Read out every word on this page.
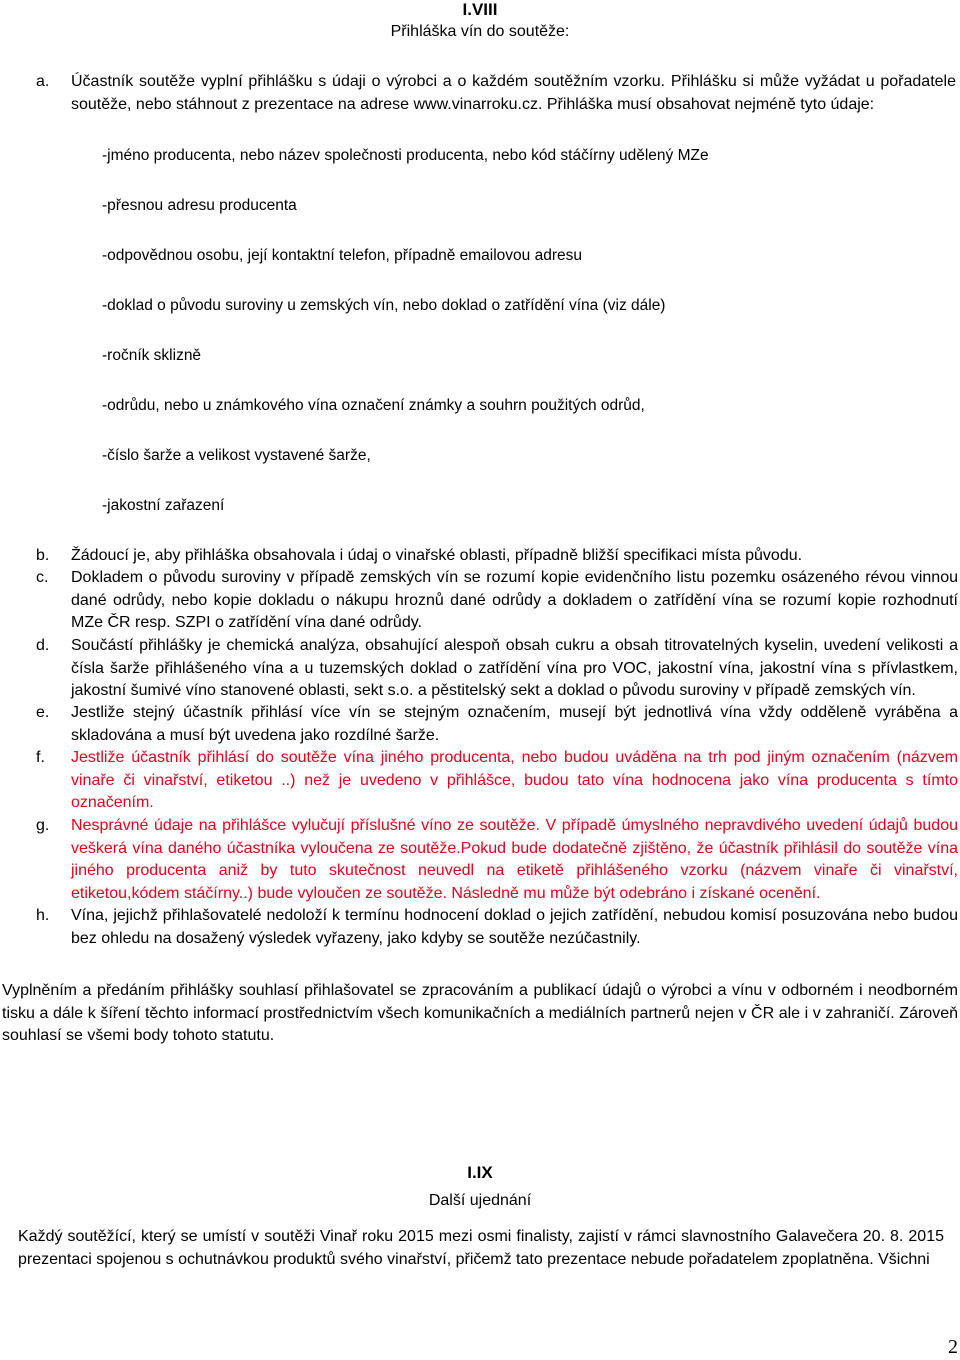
I.VIII
Přihláška vín do soutěže:
a. Účastník soutěže vyplní přihlášku s údaji o výrobci a o každém soutěžním vzorku. Přihlášku si může vyžádat u pořadatele soutěže, nebo stáhnout z prezentace na adrese www.vinarroku.cz. Přihláška musí obsahovat nejméně tyto údaje:
-jméno producenta, nebo název společnosti producenta, nebo kód stáčírny udělený MZe
-přesnou adresu producenta
-odpovědnou osobu, její kontaktní telefon, případně emailovou adresu
-doklad o původu suroviny u zemských vín, nebo doklad o zatřídění vína (viz dále)
-ročník sklizně
-odrůdu, nebo u známkového vína označení známky a souhrn použitých odrůd,
-číslo šarže a velikost vystavené šarže,
-jakostní zařazení
b. Žádoucí je, aby přihláška obsahovala i údaj o vinařské oblasti, případně bližší specifikaci místa původu.
c. Dokladem o původu suroviny v případě zemských vín se rozumí kopie evidenčního listu pozemku osázeného révou vinnou dané odrůdy, nebo kopie dokladu o nákupu hroznů dané odrůdy a dokladem o zatřídění vína se rozumí kopie rozhodnutí MZe ČR resp. SZPI o zatřídění vína dané odrůdy.
d. Součástí přihlášky je chemická analýza, obsahující alespoň obsah cukru a obsah titrovatelných kyselin, uvedení velikosti a čísla šarže přihlášeného vína a u tuzemských doklad o zatřídění vína pro VOC, jakostní vína, jakostní vína s přívlastkem, jakostní šumivé víno stanovené oblasti, sekt s.o. a pěstitelský sekt a doklad o původu suroviny v případě zemských vín.
e. Jestliže stejný účastník přihlásí více vín se stejným označením, musejí být jednotlivá vína vždy odděleně vyráběna a skladována a musí být uvedena jako rozdílné šarže.
f. Jestliže účastník přihlásí do soutěže vína jiného producenta, nebo budou uváděna na trh pod jiným označením (názvem vinaře či vinařství, etiketou ..) než je uvedeno v přihlášce, budou tato vína hodnocena jako vína producenta s tímto označením.
g. Nesprávné údaje na přihlášce vylučují příslušné víno ze soutěže. V případě úmyslného nepravdivého uvedení údajů budou veškerá vína daného účastníka vyloučena ze soutěže.Pokud bude dodatečně zjištěno, že účastník přihlásil do soutěže vína jiného producenta aniž by tuto skutečnost neuvedl na etiketě přihlášeného vzorku (názvem vinaře či vinařství, etiketou,kódem stáčírny..) bude vyloučen ze soutěže. Následně mu může být odebráno i získané ocenění.
h. Vína, jejichž přihlašovatelé nedoloží k termínu hodnocení doklad o jejich zatřídění, nebudou komisí posuzována nebo budou bez ohledu na dosažený výsledek vyřazeny, jako kdyby se soutěže nezúčastnily.
Vyplněním a předáním přihlášky souhlasí přihlašovatel se zpracováním a publikací údajů o výrobci a vínu v odborném i neodborném tisku a dále k šíření těchto informací prostřednictvím všech komunikačních a mediálních partnerů nejen v ČR ale i v zahraničí. Zároveň souhlasí se všemi body tohoto statutu.
I.IX
Další ujednání
Každý soutěžící, který se umístí v soutěži Vinař roku 2015 mezi osmi finalisty, zajistí v rámci slavnostního Galavečera 20. 8. 2015 prezentaci spojenou s ochutnávkou produktů svého vinařství, přičemž tato prezentace nebude pořadatelem zpoplatněna. Všichni
2
